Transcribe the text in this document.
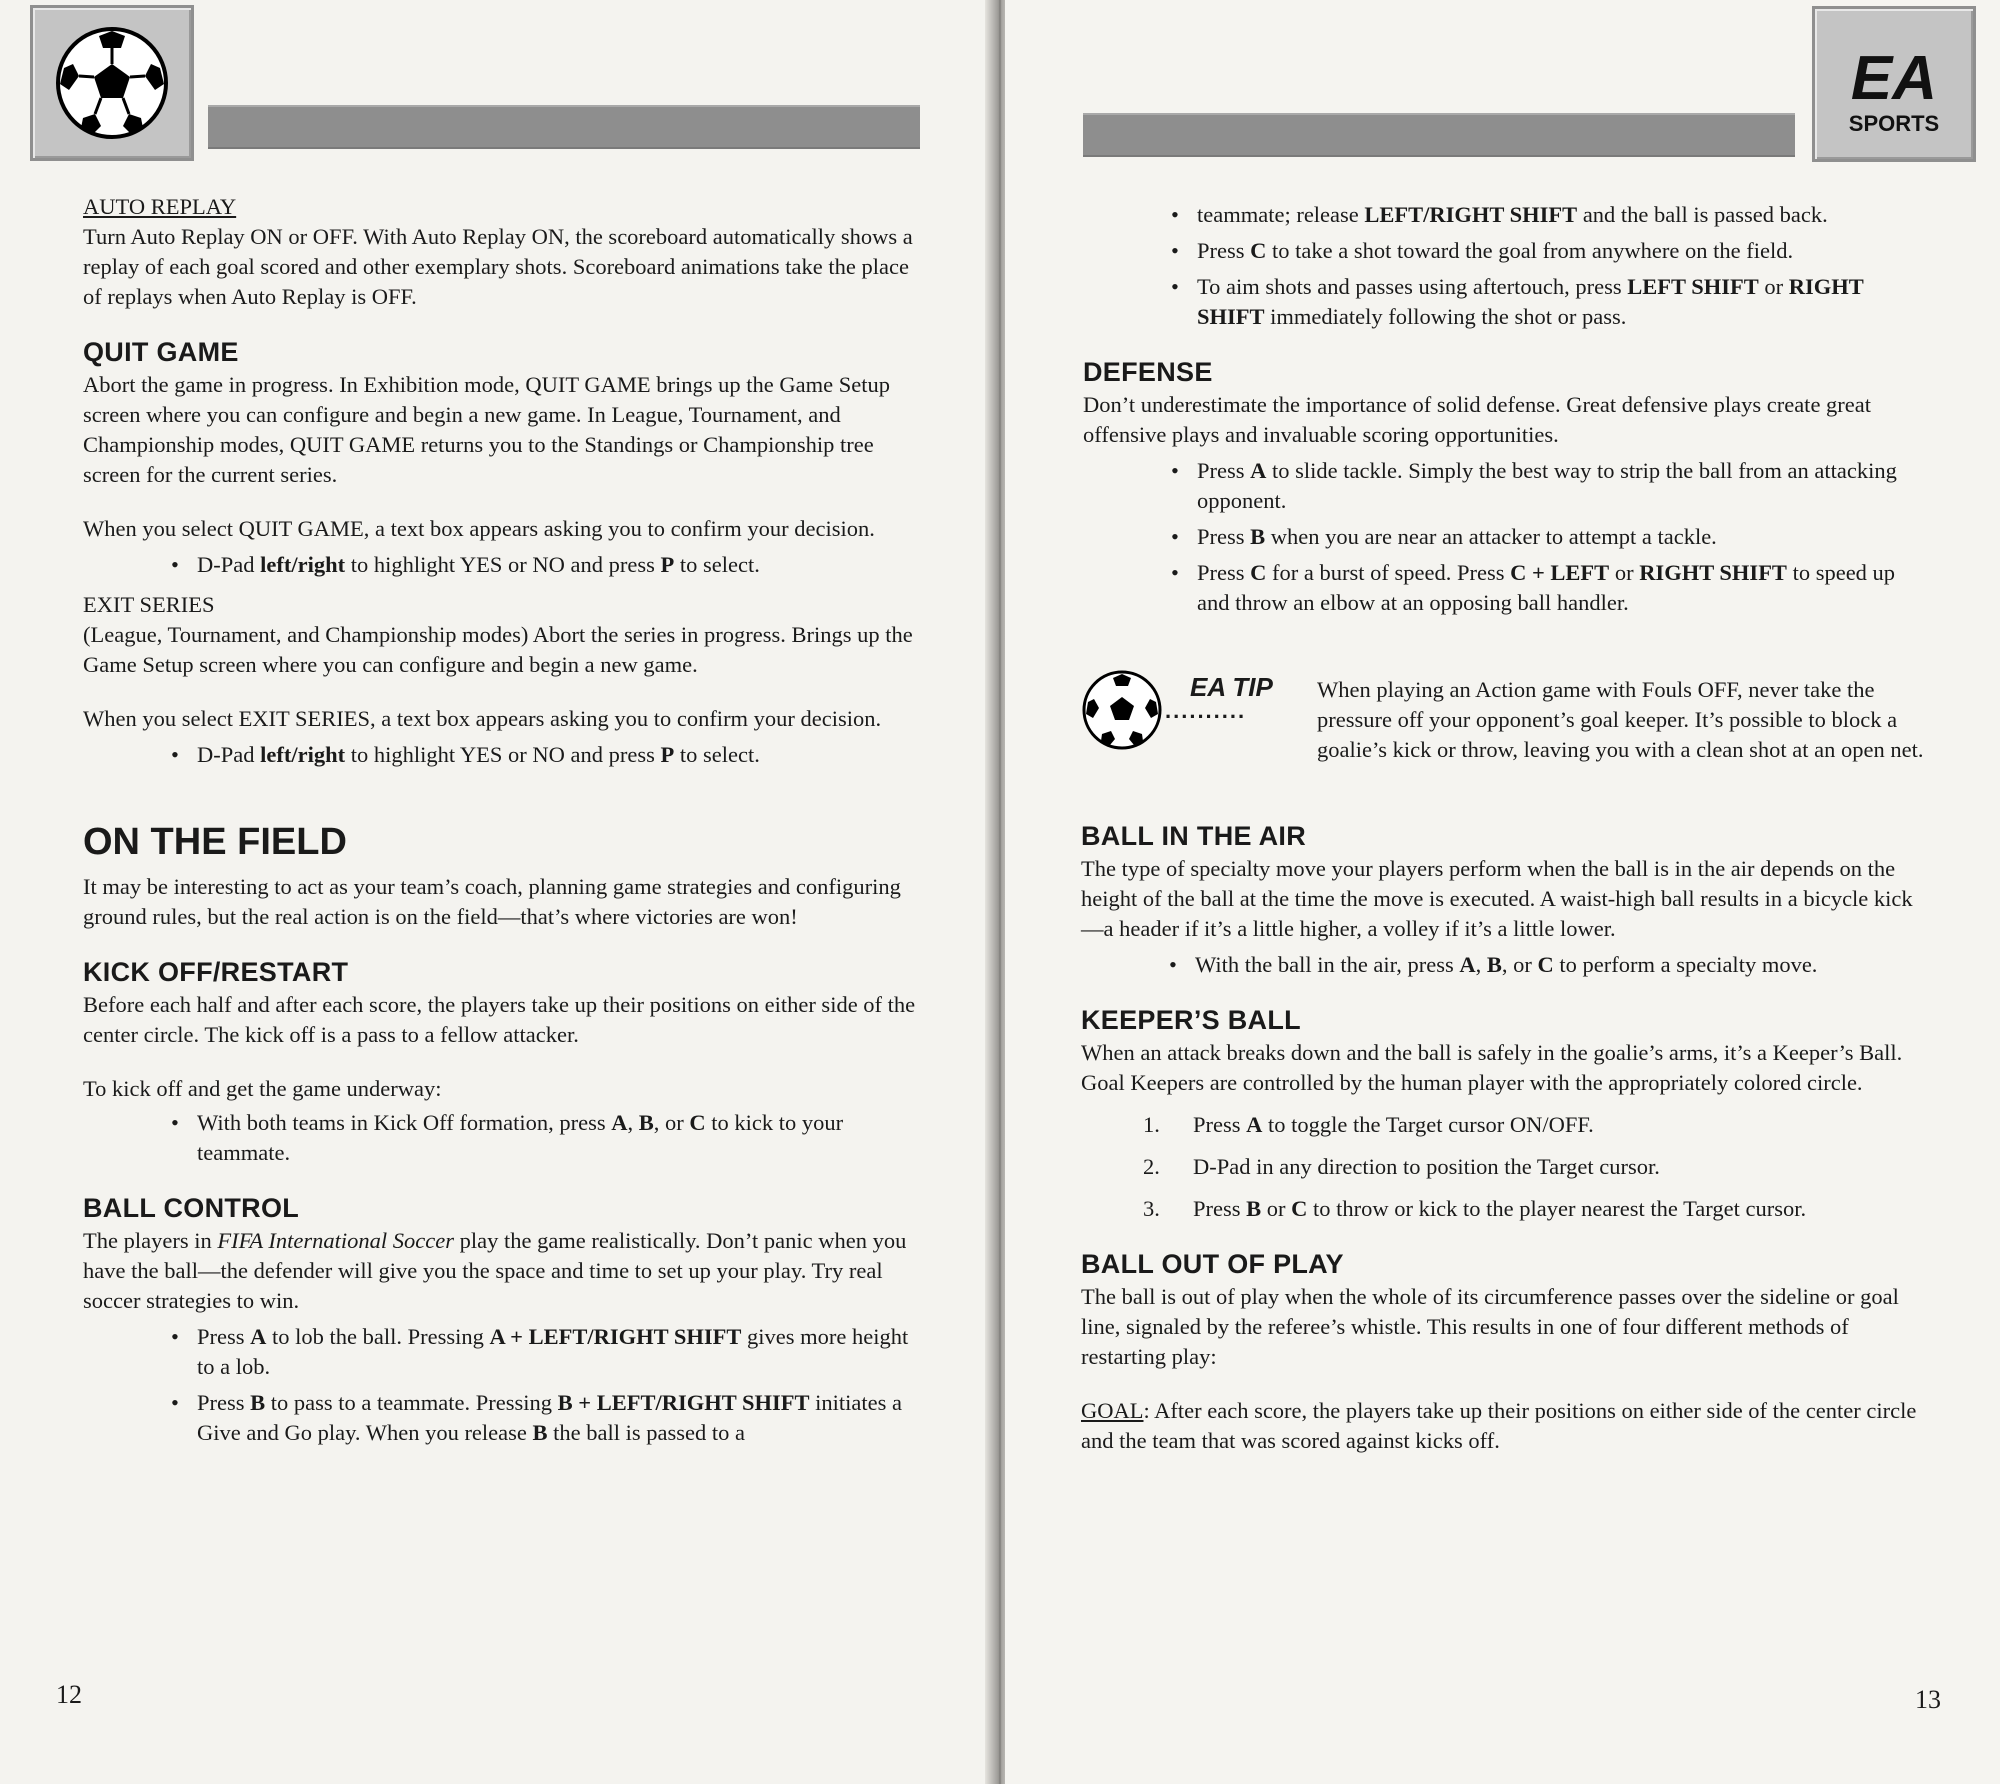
AUTO REPLAY

Turn Auto Replay ON or OFF. With Auto Replay ON, the scoreboard automatically shows a replay of each goal scored and other exemplary shots. Scoreboard animations take the place of replays when Auto Replay is OFF.

QUIT GAME

Abort the game in progress. In Exhibition mode, QUIT GAME brings up the Game Setup screen where you can configure and begin a new game. In League, Tournament, and Championship modes, QUIT GAME returns you to the Standings or Championship tree screen for the current series.

When you select QUIT GAME, a text box appears asking you to confirm your decision.

• D-Pad left/right to highlight YES or NO and press P to select.

EXIT SERIES

(League, Tournament, and Championship modes) Abort the series in progress. Brings up the Game Setup screen where you can configure and begin a new game.

When you select EXIT SERIES, a text box appears asking you to confirm your decision.

• D-Pad left/right to highlight YES or NO and press P to select.
ON THE FIELD

It may be interesting to act as your team’s coach, planning game strategies and configuring ground rules, but the real action is on the field—that’s where victories are won!

KICK OFF/RESTART

Before each half and after each score, the players take up their positions on either side of the center circle. The kick off is a pass to a fellow attacker.

To kick off and get the game underway:

• With both teams in Kick Off formation, press A, B, or C to kick to your teammate.
BALL CONTROL

The players in FIFA International Soccer play the game realistically. Don’t panic when you have the ball—the defender will give you the space and time to set up your play. Try real soccer strategies to win.

• Press A to lob the ball. Pressing A + LEFT/RIGHT SHIFT gives more height to a lob.
• Press B to pass to a teammate. Pressing B + LEFT/RIGHT SHIFT initiates a Give and Go play. When you release B the ball is passed to a
12
EA
SPORTS
• teammate; release LEFT/RIGHT SHIFT and the ball is passed back.
• Press C to take a shot toward the goal from anywhere on the field.
• To aim shots and passes using aftertouch, press LEFT SHIFT or RIGHT SHIFT immediately following the shot or pass.
DEFENSE

Don’t underestimate the importance of solid defense. Great defensive plays create great offensive plays and invaluable scoring opportunities.

• Press A to slide tackle. Simply the best way to strip the ball from an attacking opponent.
• Press B when you are near an attacker to attempt a tackle.
• Press C for a burst of speed. Press C + LEFT or RIGHT SHIFT to speed up and throw an elbow at an opposing ball handler.
EA TIP
..........

When playing an Action game with Fouls OFF, never take the pressure off your opponent’s goal keeper. It’s possible to block a goalie’s kick or throw, leaving you with a clean shot at an open net.

BALL IN THE AIR

The type of specialty move your players perform when the ball is in the air depends on the height of the ball at the time the move is executed. A waist-high ball results in a bicycle kick—a header if it’s a little higher, a volley if it’s a little lower.

• With the ball in the air, press A, B, or C to perform a specialty move.
KEEPER’S BALL

When an attack breaks down and the ball is safely in the goalie’s arms, it’s a Keeper’s Ball. Goal Keepers are controlled by the human player with the appropriately colored circle.

1. Press A to toggle the Target cursor ON/OFF.
2. D-Pad in any direction to position the Target cursor.
3. Press B or C to throw or kick to the player nearest the Target cursor.
BALL OUT OF PLAY

The ball is out of play when the whole of its circumference passes over the sideline or goal line, signaled by the referee’s whistle. This results in one of four different methods of restarting play:

GOAL: After each score, the players take up their positions on either side of the center circle and the team that was scored against kicks off.

13
